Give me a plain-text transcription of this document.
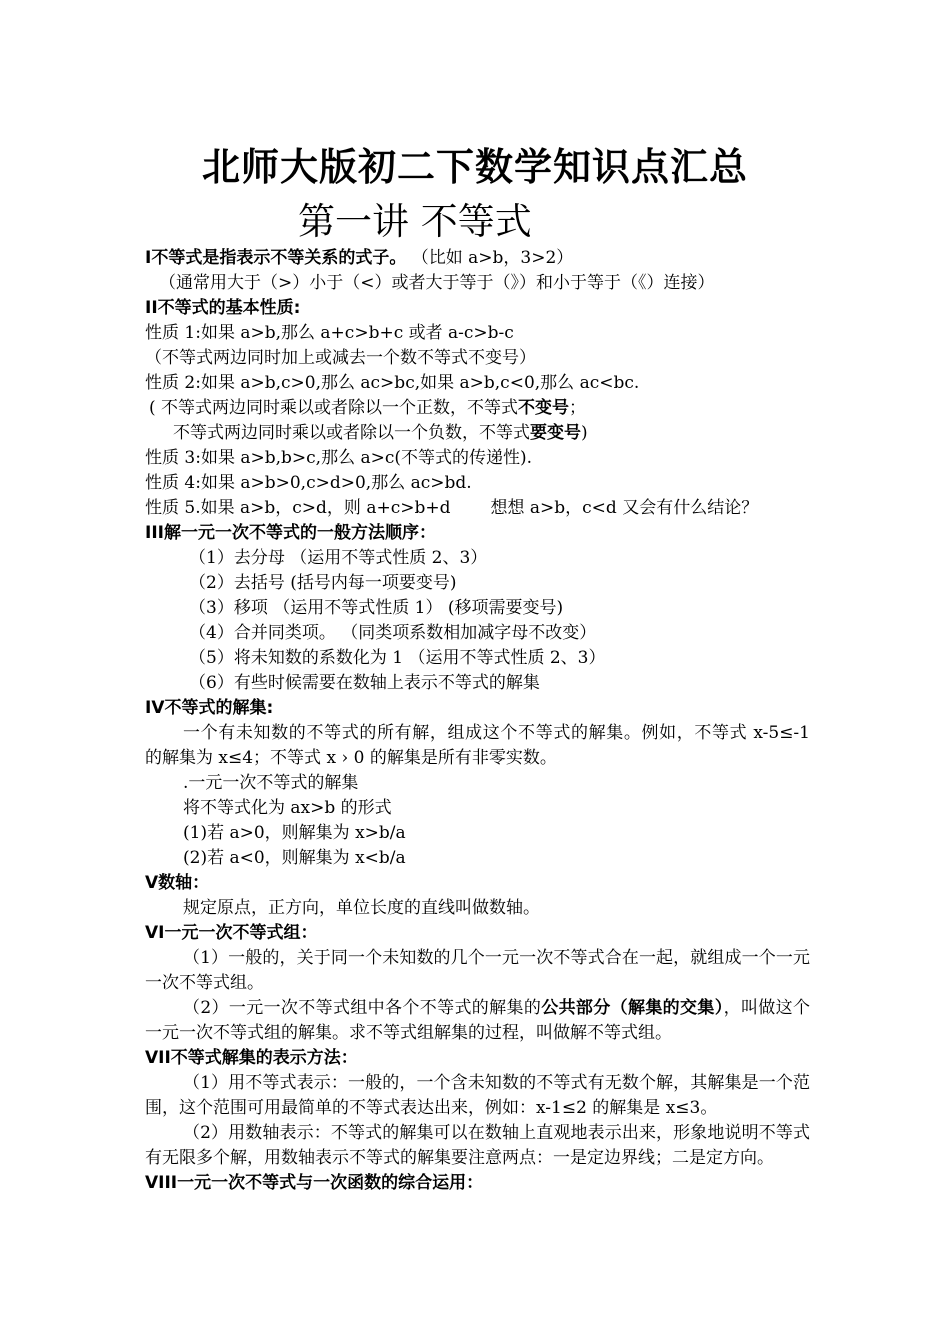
北师大版初二下数学知识点汇总
第一讲 不等式

I不等式是指表示不等关系的式子。 （比如 a>b，3>2）

（通常用大于（>）小于（<）或者大于等于（》）和小于等于（《）连接）

II不等式的基本性质:

性质 1:如果 a>b,那么 a+c>b+c 或者 a-c>b-c

（不等式两边同时加上或减去一个数不等式不变号）

性质 2:如果 a>b,c>0,那么 ac>bc,如果 a>b,c<0,那么 ac<bc.

( 不等式两边同时乘以或者除以一个正数，不等式不变号；

不等式两边同时乘以或者除以一个负数，不等式要变号)

性质 3:如果 a>b,b>c,那么 a>c(不等式的传递性).

性质 4:如果 a>b>0,c>d>0,那么 ac>bd.

性质 5.如果 a>b，c>d，则 a+c>b+d 想想 a>b，c<d 又会有什么结论？

III解一元一次不等式的一般方法顺序：

（1）去分母 （运用不等式性质 2、3）

（2）去括号 (括号内每一项要变号)

（3）移项 （运用不等式性质 1） (移项需要变号)

（4）合并同类项。 （同类项系数相加减字母不改变）

（5）将未知数的系数化为 1 （运用不等式性质 2、3）

（6）有些时候需要在数轴上表示不等式的解集

IV不等式的解集:

一个有未知数的不等式的所有解，组成这个不等式的解集。例如，不等式 x-5≤-1 的解集为 x≤4；不等式 x › 0 的解集是所有非零实数。

.一元一次不等式的解集

将不等式化为 ax>b 的形式

(1)若 a>0，则解集为 x>b/a

(2)若 a<0，则解集为 x<b/a

V数轴：

规定原点，正方向，单位长度的直线叫做数轴。

VI一元一次不等式组：

（1）一般的，关于同一个未知数的几个一元一次不等式合在一起，就组成一个一元一次不等式组。

（2）一元一次不等式组中各个不等式的解集的公共部分（解集的交集），叫做这个一元一次不等式组的解集。求不等式组解集的过程，叫做解不等式组。

VII不等式解集的表示方法：

（1）用不等式表示：一般的，一个含未知数的不等式有无数个解，其解集是一个范围，这个范围可用最简单的不等式表达出来，例如：x-1≤2 的解集是 x≤3。

（2）用数轴表示：不等式的解集可以在数轴上直观地表示出来，形象地说明不等式有无限多个解，用数轴表示不等式的解集要注意两点：一是定边界线；二是定方向。

VIII一元一次不等式与一次函数的综合运用：
